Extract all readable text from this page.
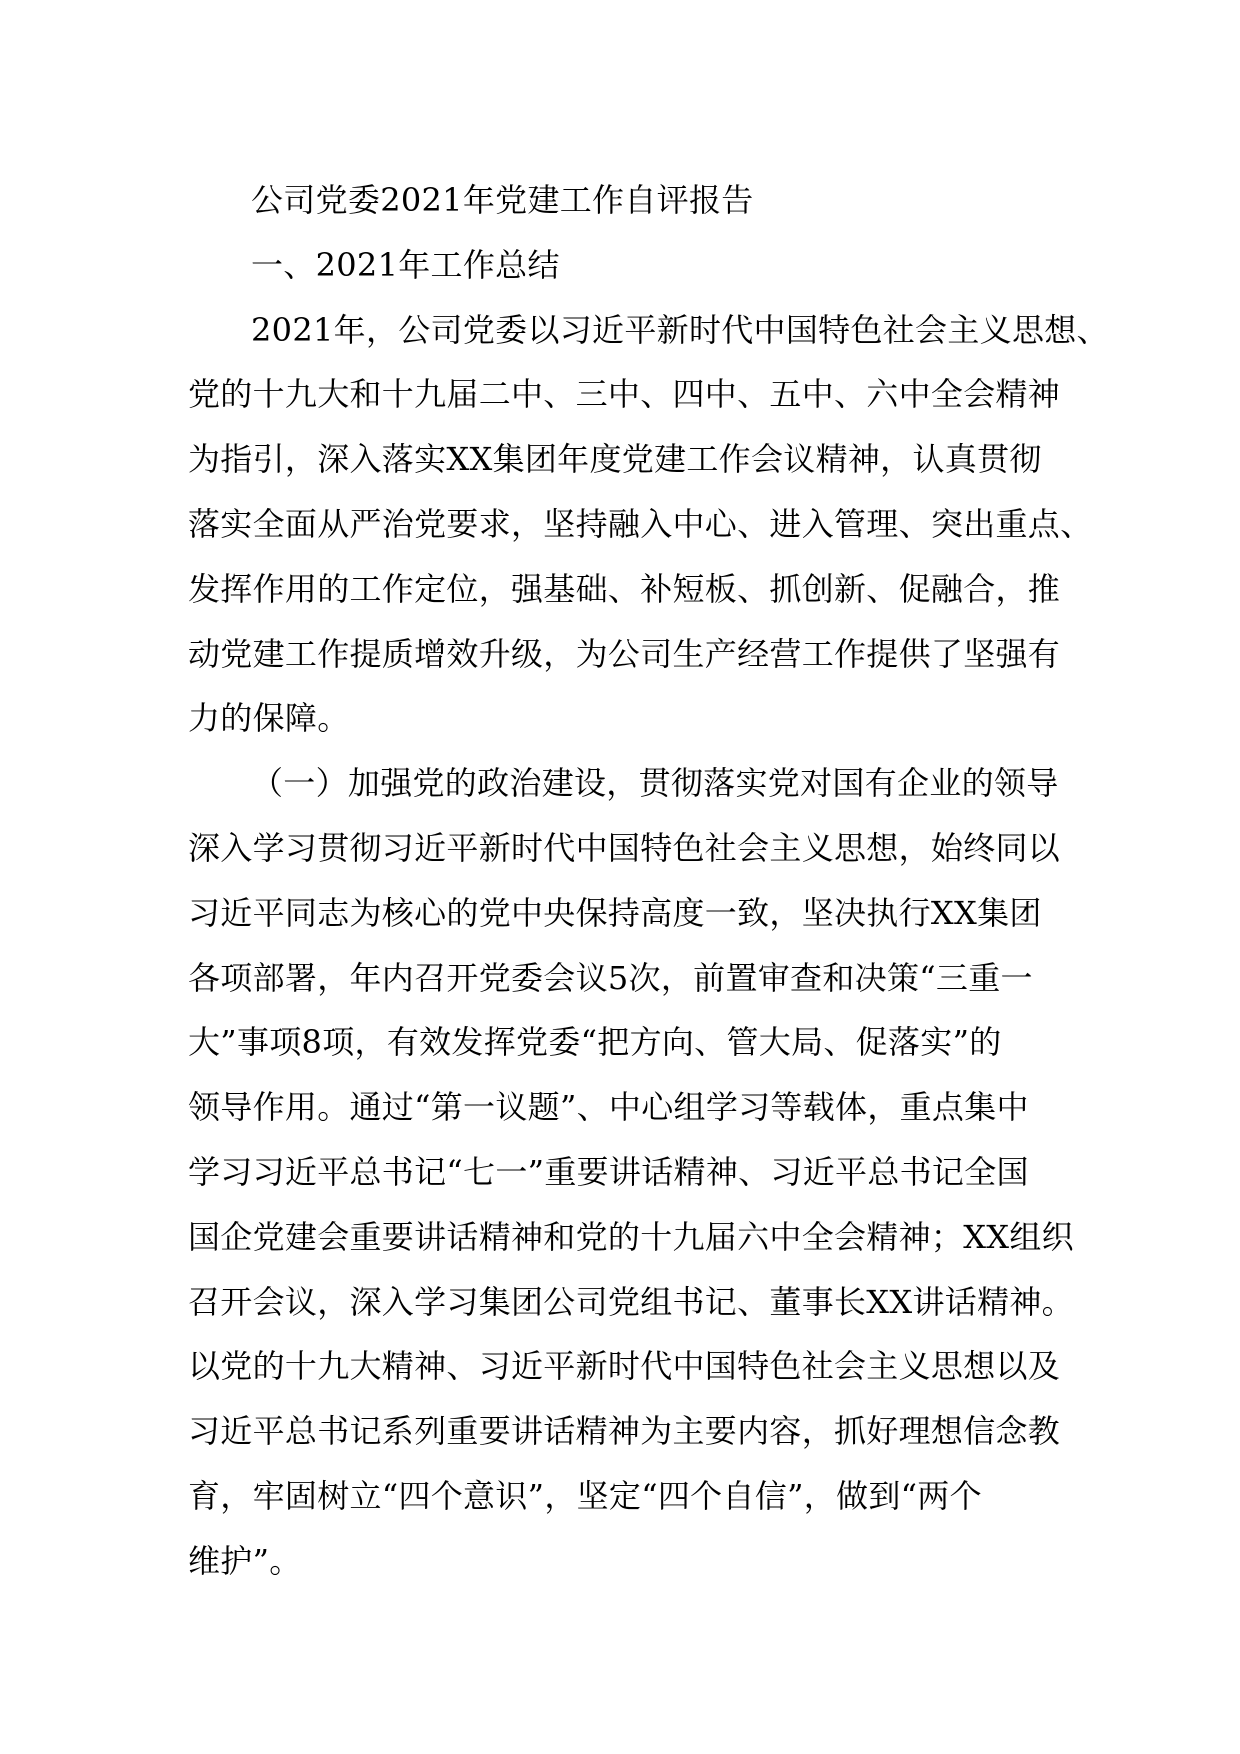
公司党委2021年党建工作自评报告

一、2021年工作总结

2021年，公司党委以习近平新时代中国特色社会主义思想、

党的十九大和十九届二中、三中、四中、五中、六中全会精神

为指引，深入落实XX集团年度党建工作会议精神，认真贯彻

落实全面从严治党要求，坚持融入中心、进入管理、突出重点、

发挥作用的工作定位，强基础、补短板、抓创新、促融合，推

动党建工作提质增效升级，为公司生产经营工作提供了坚强有

力的保障。

（一）加强党的政治建设，贯彻落实党对国有企业的领导

深入学习贯彻习近平新时代中国特色社会主义思想，始终同以

习近平同志为核心的党中央保持高度一致，坚决执行XX集团

各项部署，年内召开党委会议5次，前置审查和决策“三重一

大”事项8项，有效发挥党委“把方向、管大局、促落实”的

领导作用。通过“第一议题”、中心组学习等载体，重点集中

学习习近平总书记“七一”重要讲话精神、习近平总书记全国

国企党建会重要讲话精神和党的十九届六中全会精神；XX组织

召开会议，深入学习集团公司党组书记、董事长XX讲话精神。

以党的十九大精神、习近平新时代中国特色社会主义思想以及

习近平总书记系列重要讲话精神为主要内容，抓好理想信念教

育，牢固树立“四个意识”，坚定“四个自信”，做到“两个

维护”。
